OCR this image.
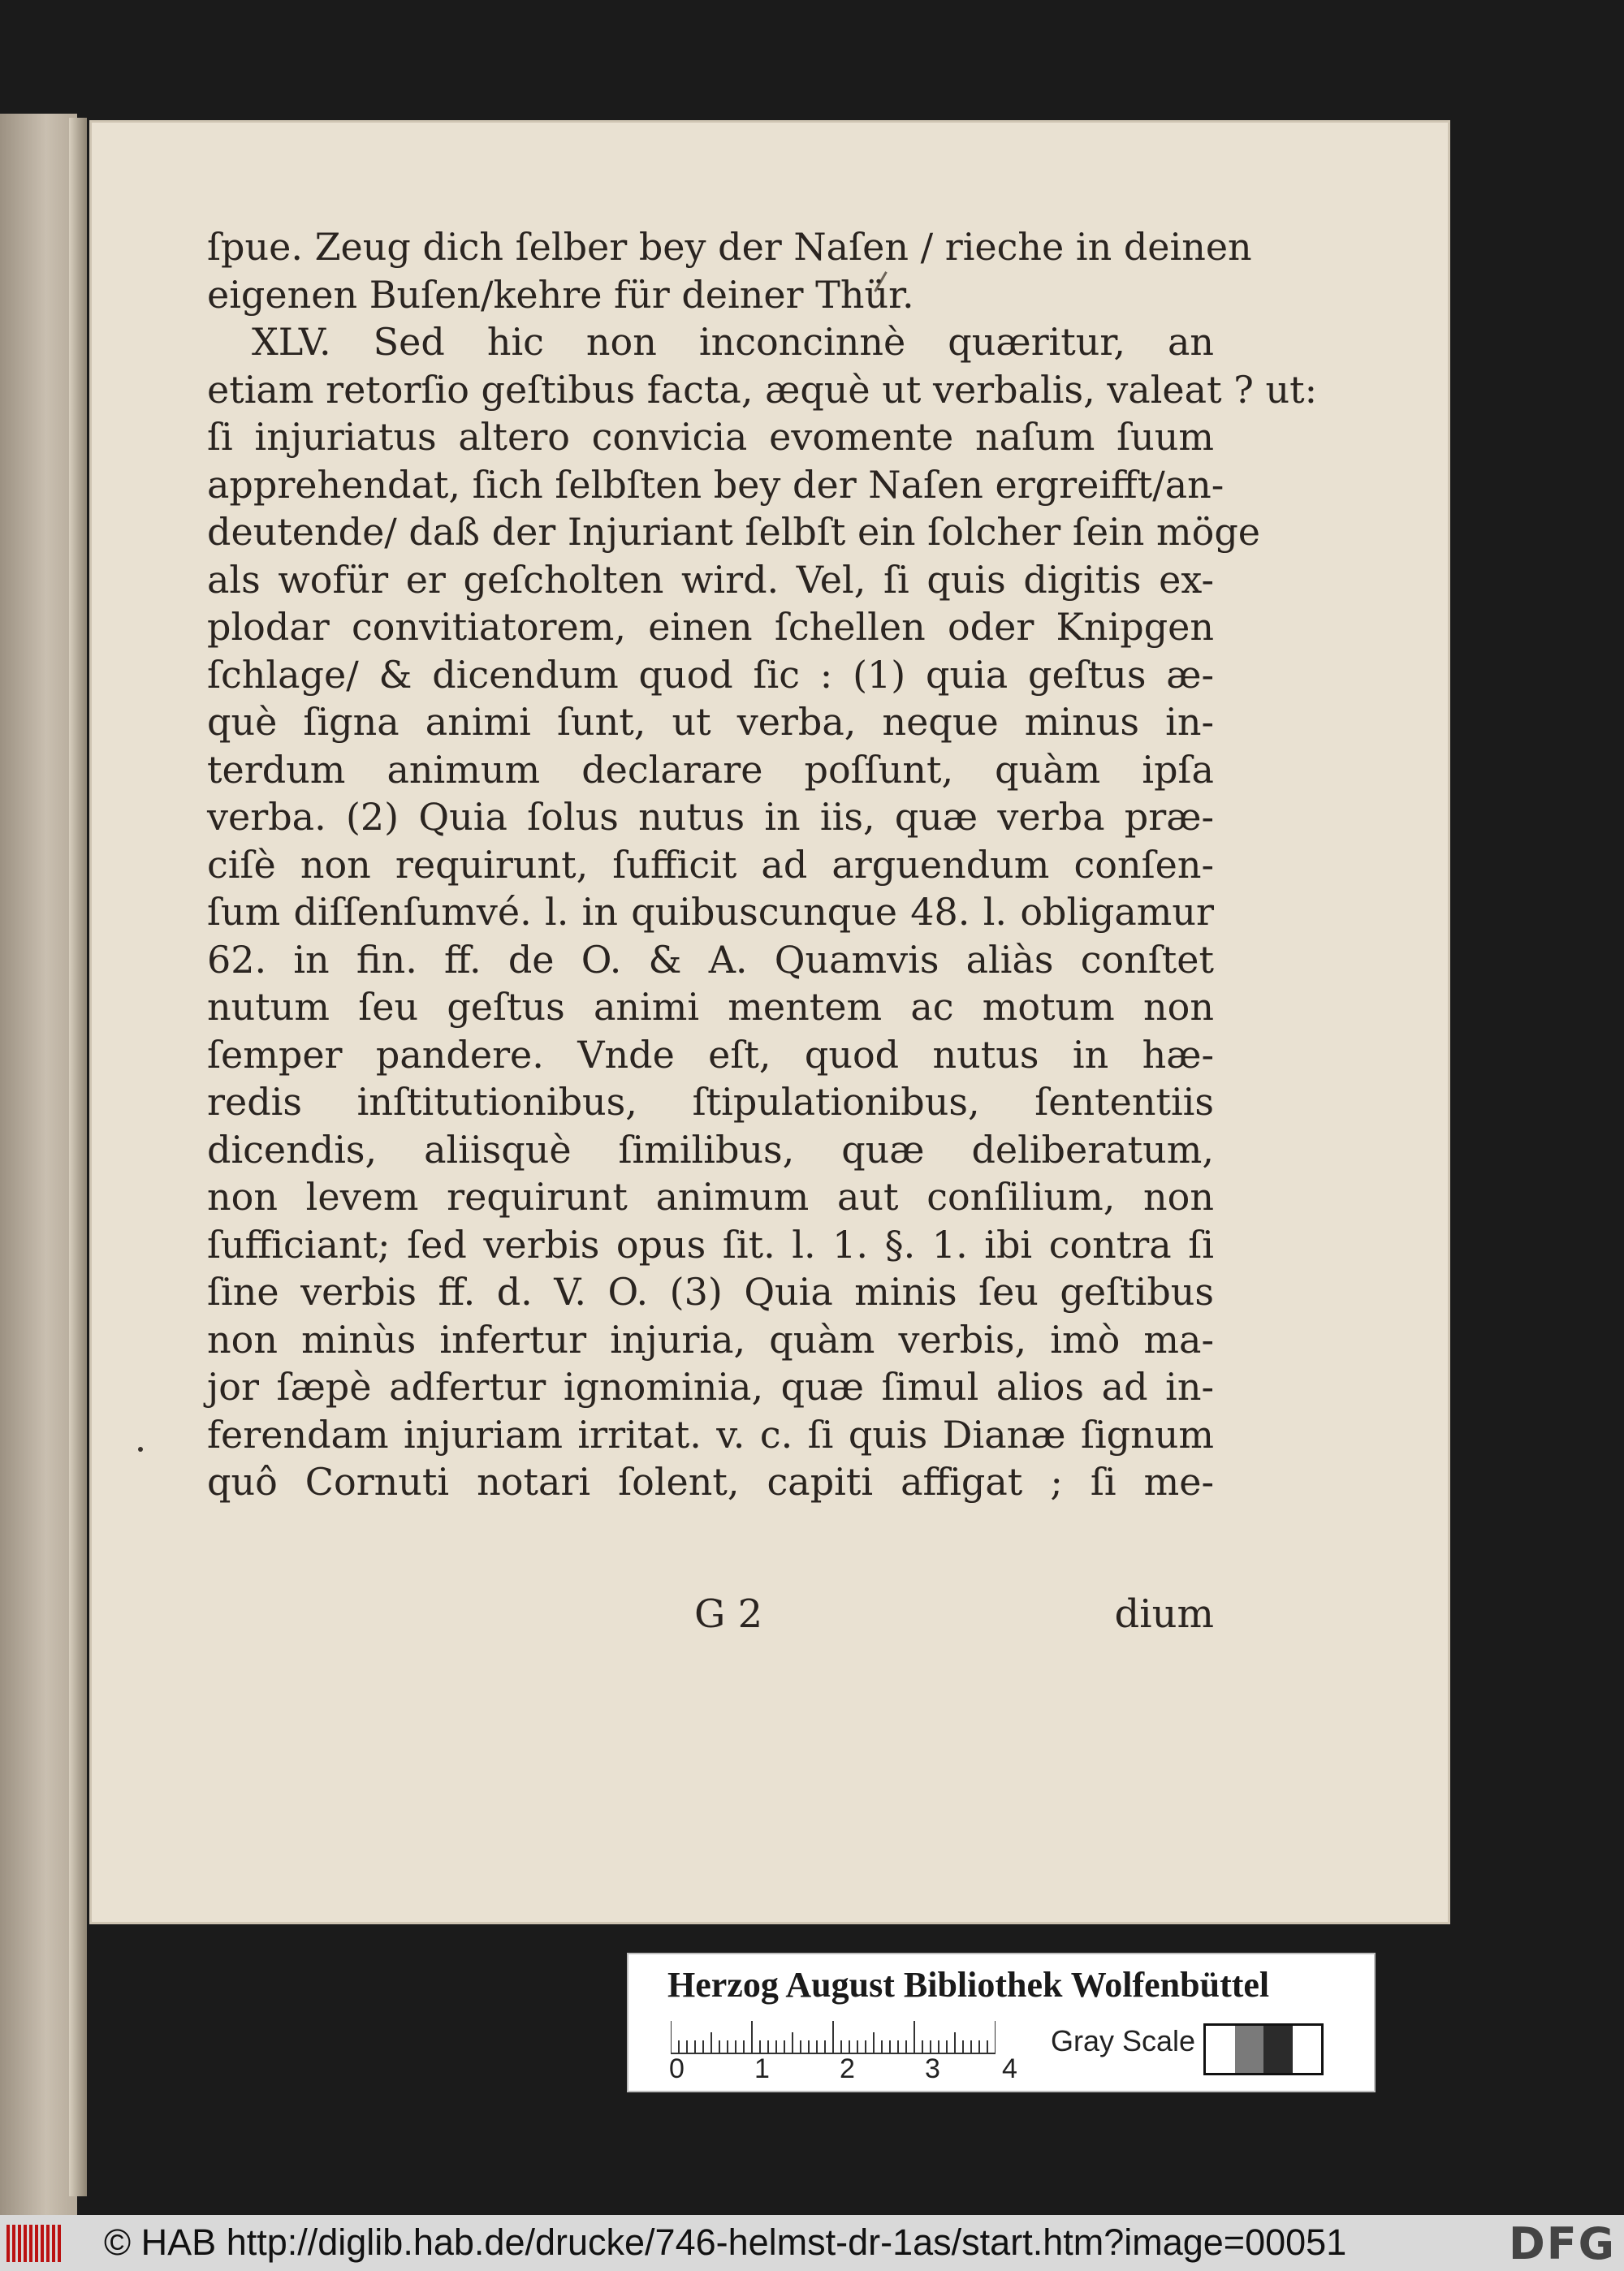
ſpue. Zeug dich ſelber bey der Naſen / rieche in deinen
eigenen Buſen/kehre für deiner Thür.
XLV. Sed hic non inconcinnè quæritur, an
etiam retorſio geſtibus facta, æquè ut verbalis, valeat ? ut:
ſi injuriatus altero convicia evomente naſum ſuum
apprehendat, ſich ſelbſten bey der Naſen ergreifft/an-
deutende/ daß der Injuriant ſelbſt ein ſolcher ſein möge
als wofür er geſcholten wird. Vel, ſi quis digitis ex-
plodar convitiatorem, einen ſchellen oder Knipgen
ſchlage/ & dicendum quod ſic : (1) quia geſtus æ-
què ſigna animi ſunt, ut verba, neque minus in-
terdum animum declarare poſſunt, quàm ipſa
verba. (2) Quia ſolus nutus in iis, quæ verba præ-
ciſè non requirunt, ſufficit ad arguendum conſen-
ſum diſſenſumvé. l. in quibuscunque 48. l. obligamur
62. in fin. ff. de O. & A. Quamvis aliàs conſtet
nutum ſeu geſtus animi mentem ac motum non
ſemper pandere. Vnde eſt, quod nutus in hæ-
redis inſtitutionibus, ſtipulationibus, ſententiis
dicendis, aliisquè ſimilibus, quæ deliberatum,
non levem requirunt animum aut conſilium, non
ſufficiant; ſed verbis opus ſit. l. 1. §. 1. ibi contra ſi
ſine verbis ff. d. V. O. (3) Quia minis ſeu geſtibus
non minùs infertur injuria, quàm verbis, imò ma-
jor ſæpè adfertur ignominia, quæ ſimul alios ad in-
ferendam injuriam irritat. v. c. ſi quis Dianæ ſignum
quô Cornuti notari ſolent, capiti affigat ; ſi me-
G 2	dium
Herzog August Bibliothek Wolfenbüttel
0	1	2	3 4
Gray Scale
© HAB http://diglib.hab.de/drucke/746-helmst-dr-1as/start.htm?image=00051	DFG
